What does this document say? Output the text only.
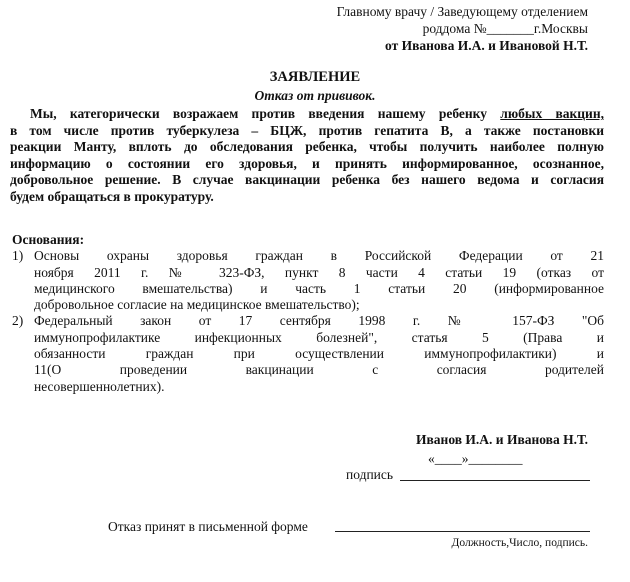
Главному врачу / Заведующему отделением
роддома №_______г.Москвы
от Иванова И.А. и Ивановой Н.Т.
ЗАЯВЛЕНИЕ
Отказ от прививок.
Мы, категорически возражаем против введения нашему ребенку любых вакцин,
в том числе против туберкулеза – БЦЖ, против гепатита В, а также постановки
реакции Манту, вплоть до обследования ребенка, чтобы получить наиболее полную
информацию о состоянии его здоровья, и принять информированное, осознанное,
добровольное решение. В случае вакцинации ребенка без нашего ведома и согласия
будем обращаться в прокуратуру.
Основания:
1) Основы охраны здоровья граждан в Российской Федерации от 21
ноября 2011 г. № 323-ФЗ, пункт 8 части 4 статьи 19 (отказ от
медицинского вмешательства) и часть 1 статьи 20 (информированное
добровольное согласие на медицинское вмешательство);
2) Федеральный закон от 17 сентября 1998 г. № 157-ФЗ "Об
иммунопрофилактике инфекционных болезней", статья 5 (Права и
обязанности граждан при осуществлении иммунопрофилактики) и
11(О проведении вакцинации с согласия родителей
несовершеннолетних).
Иванов И.А. и Иванова Н.Т.
«____»________
подпись
Отказ принят в письменной форме
Должность,Число, подпись.
